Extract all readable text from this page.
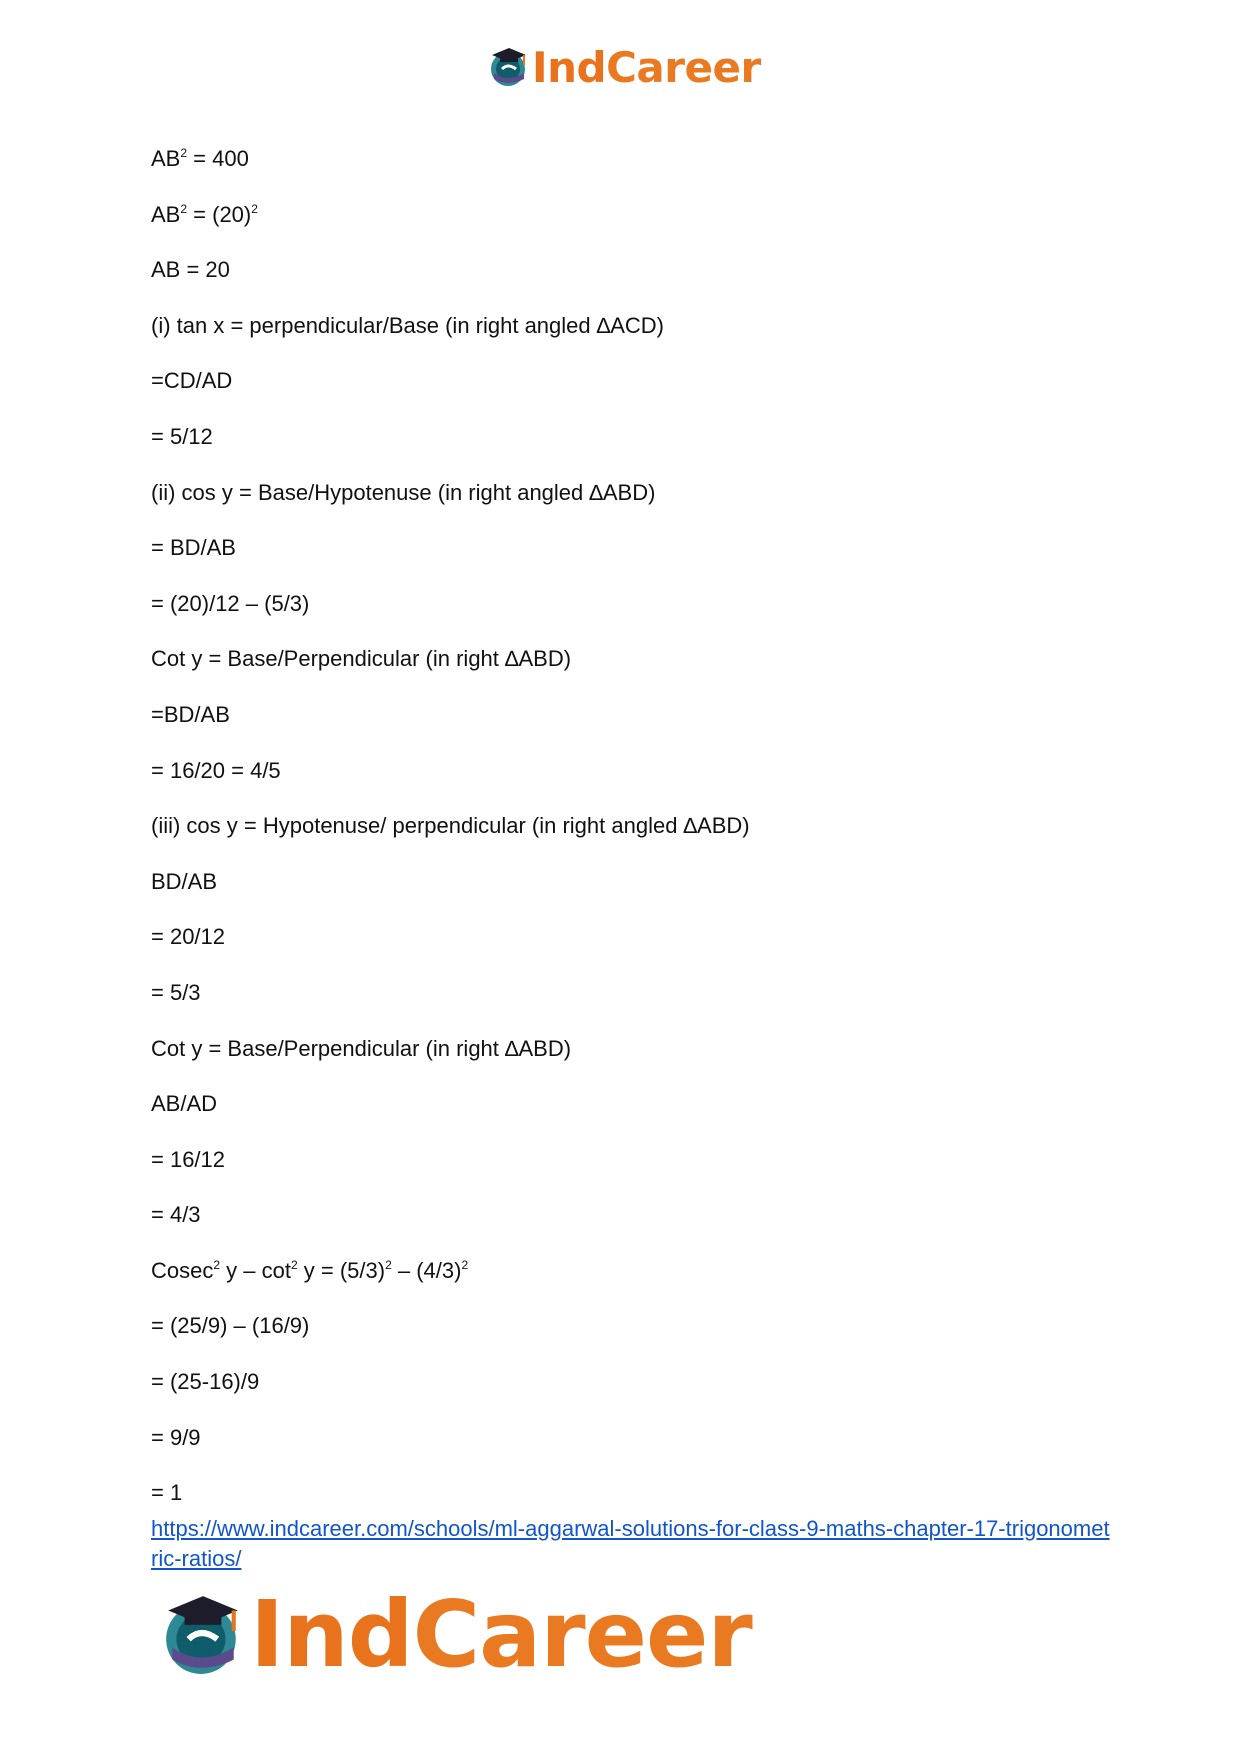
IndCareer
$AB^2 = 400$
$AB^2 = (20)^2$
AB = 20
(i) tan x = perpendicular/Base (in right angled ∆ACD)
=CD/AD
= 5/12
(ii) cos y = Base/Hypotenuse (in right angled ∆ABD)
= BD/AB
= (20)/12 – (5/3)
Cot y = Base/Perpendicular (in right ∆ABD)
=BD/AB
= 16/20 = 4/5
(iii) cos y = Hypotenuse/ perpendicular (in right angled ∆ABD)
BD/AB
= 20/12
= 5/3
Cot y = Base/Perpendicular (in right ∆ABD)
AB/AD
= 16/12
= 4/3
Cosec$^2$ $y - \cot^2 y = (5/3)^2 - (4/3)^2$
= (25/9) – (16/9)
= (25-16)/9
= 9/9
= 1
https://www.indcareer.com/schools/ml-aggarwal-solutions-for-class-9-maths-chapter-17-trigonometric-ratios/
IndCareer
